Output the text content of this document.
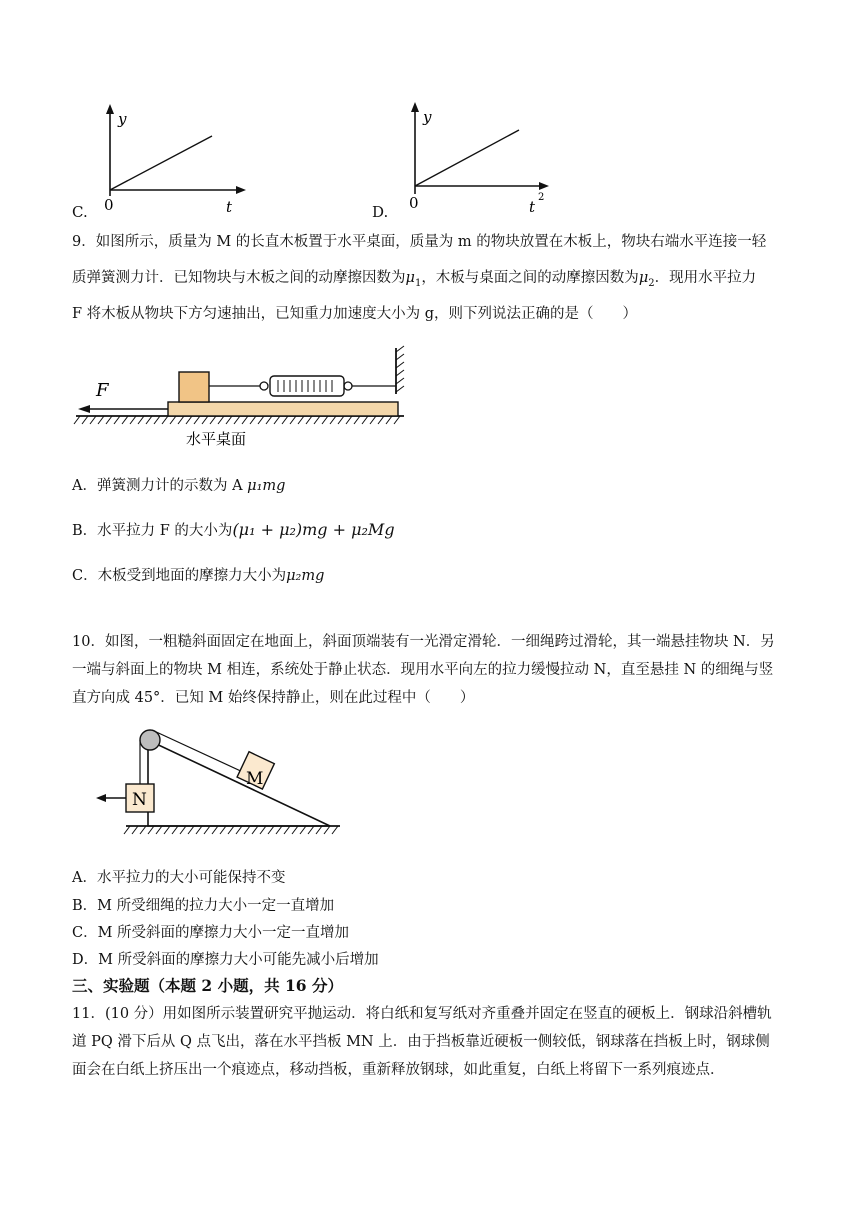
C.
y
0	t	D.
y
0	t
2
9．如图所示，质量为 M 的长直木板置于水平桌面，质量为 m 的物块放置在木板上，物块右端水平连接一轻
质弹簧测力计．已知物块与木板之间的动摩擦因数为$\mu_1$，木板与桌面之间的动摩擦因数为$\mu_2$．现用水平拉力
F 将木板从物块下方匀速抽出，已知重力加速度大小为 g，则下列说法正确的是（　　）
F
水平桌面
A．弹簧测力计的示数为 A μ₁mg
B．水平拉力 F 的大小为(μ₁ + μ₂)mg + μ₂Mg
C．木板受到地面的摩擦力大小为μ₂mg
10．如图，一粗糙斜面固定在地面上，斜面顶端装有一光滑定滑轮．一细绳跨过滑轮，其一端悬挂物块 N．另
一端与斜面上的物块 M 相连，系统处于静止状态．现用水平向左的拉力缓慢拉动 N，直至悬挂 N 的细绳与竖
直方向成 45°．已知 M 始终保持静止，则在此过程中（　　）
M
N
A．水平拉力的大小可能保持不变
B．M 所受细绳的拉力大小一定一直增加
C．M 所受斜面的摩擦力大小一定一直增加
D．M 所受斜面的摩擦力大小可能先减小后增加
三、实验题（本题 2 小题，共 16 分）
11．(10 分）用如图所示装置研究平抛运动．将白纸和复写纸对齐重叠并固定在竖直的硬板上．钢球沿斜槽轨
道 PQ 滑下后从 Q 点飞出，落在水平挡板 MN 上．由于挡板靠近硬板一侧较低，钢球落在挡板上时，钢球侧
面会在白纸上挤压出一个痕迹点，移动挡板，重新释放钢球，如此重复，白纸上将留下一系列痕迹点．
